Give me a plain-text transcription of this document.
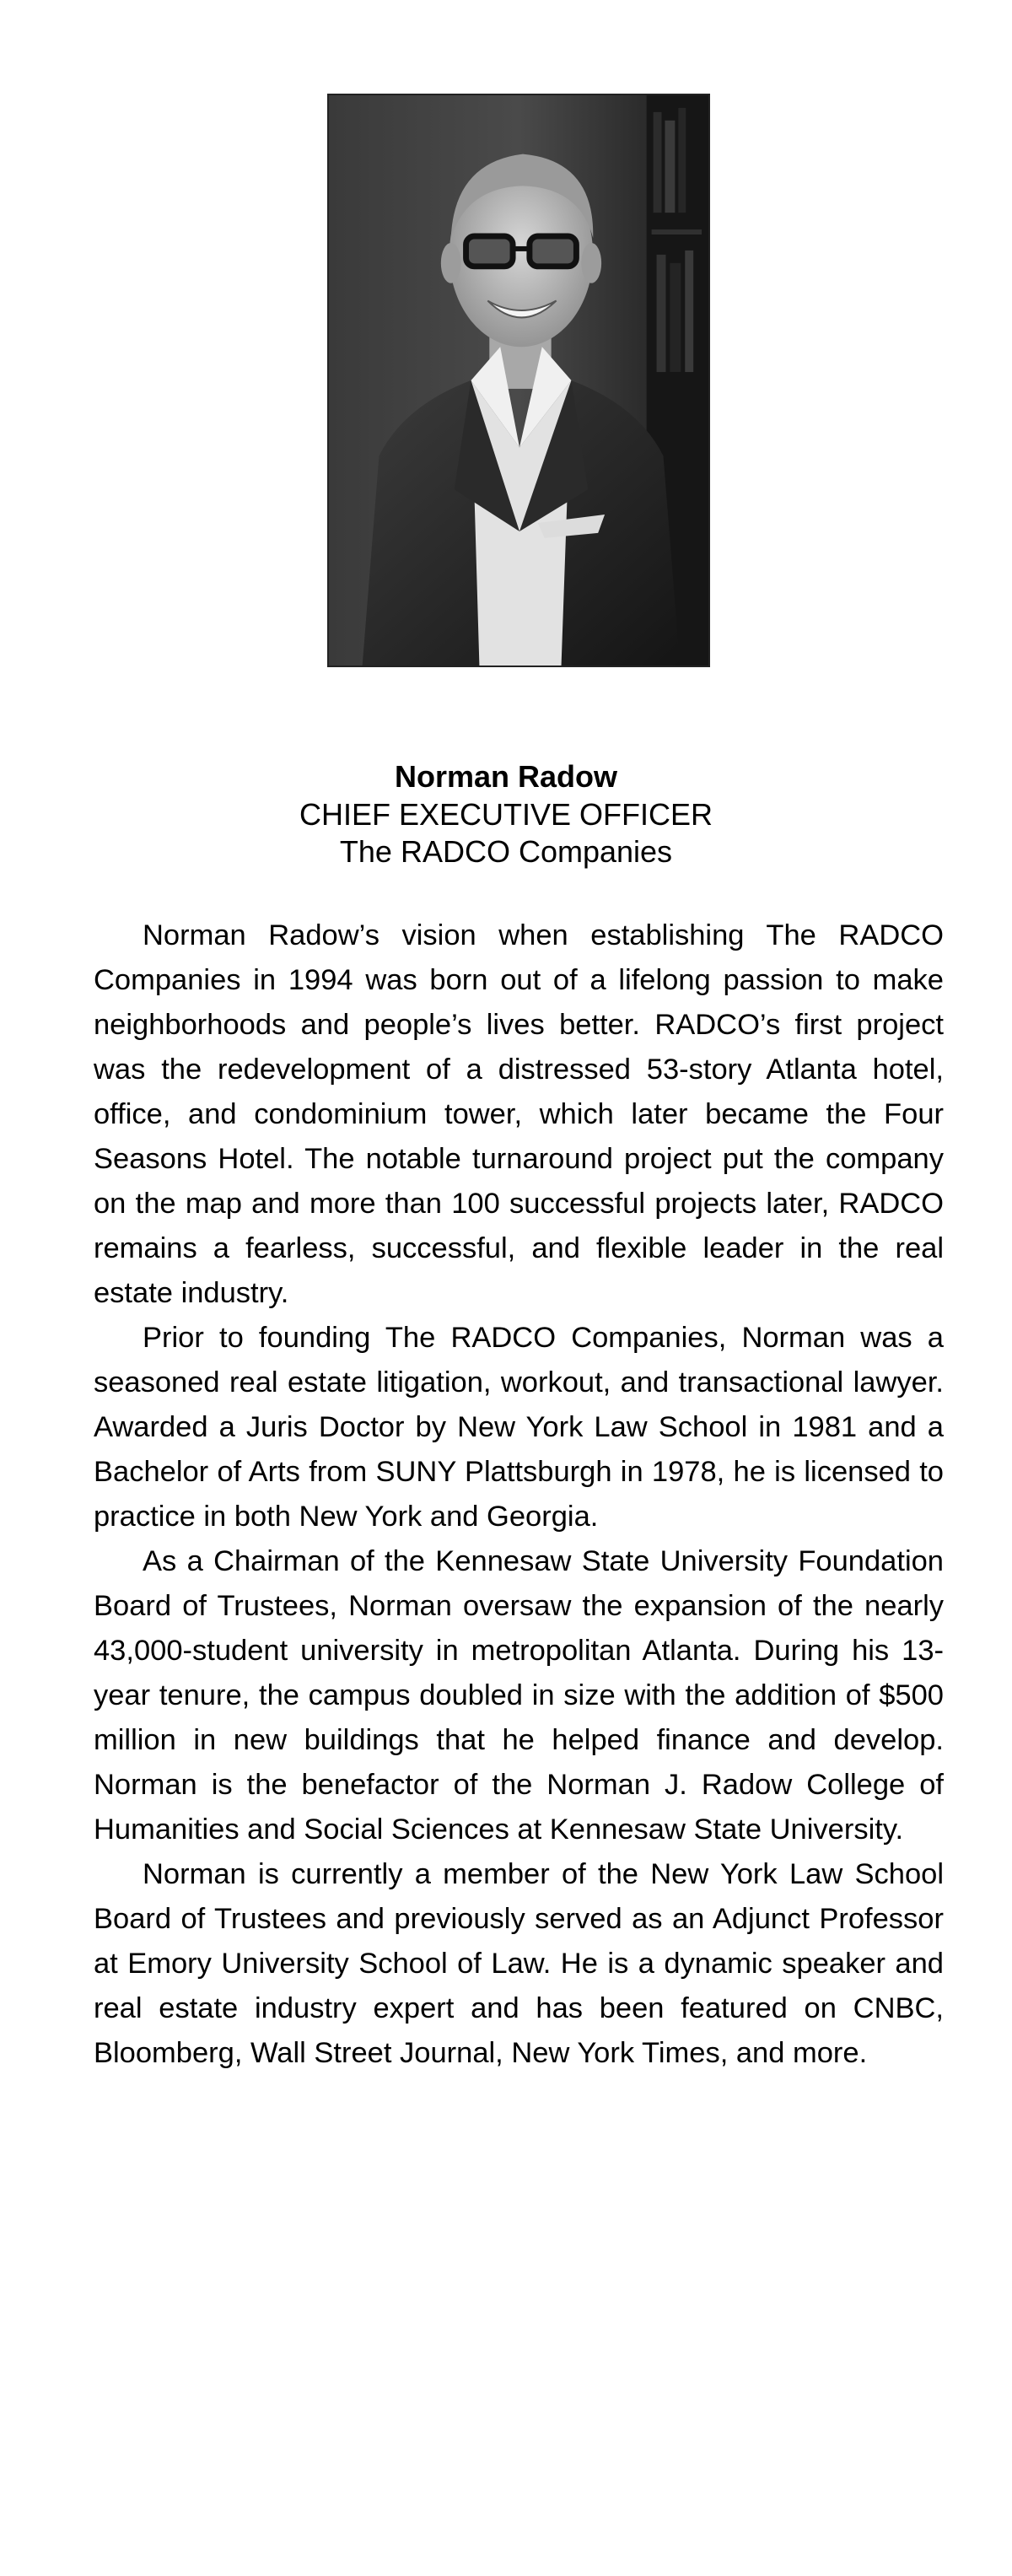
Norman Radow
CHIEF EXECUTIVE OFFICER
The RADCO Companies

Norman Radow’s vision when establishing The RADCO Companies in 1994 was born out of a lifelong passion to make neighborhoods and people’s lives better. RADCO’s first project was the redevelopment of a distressed 53-story Atlanta hotel, office, and condominium tower, which later became the Four Seasons Hotel. The notable turnaround project put the company on the map and more than 100 successful projects later, RADCO remains a fearless, successful, and flexible leader in the real estate industry.

Prior to founding The RADCO Companies, Norman was a seasoned real estate litigation, workout, and transactional lawyer. Awarded a Juris Doctor by New York Law School in 1981 and a Bachelor of Arts from SUNY Plattsburgh in 1978, he is licensed to practice in both New York and Georgia.

As a Chairman of the Kennesaw State University Foundation Board of Trustees, Norman oversaw the expansion of the nearly 43,000-student university in metropolitan Atlanta. During his 13-year tenure, the campus doubled in size with the addition of $500 million in new buildings that he helped finance and develop. Norman is the benefactor of the Norman J. Radow College of Humanities and Social Sciences at Kennesaw State University.

Norman is currently a member of the New York Law School Board of Trustees and previously served as an Adjunct Professor at Emory University School of Law. He is a dynamic speaker and real estate industry expert and has been featured on CNBC, Bloomberg, Wall Street Journal, New York Times, and more.
